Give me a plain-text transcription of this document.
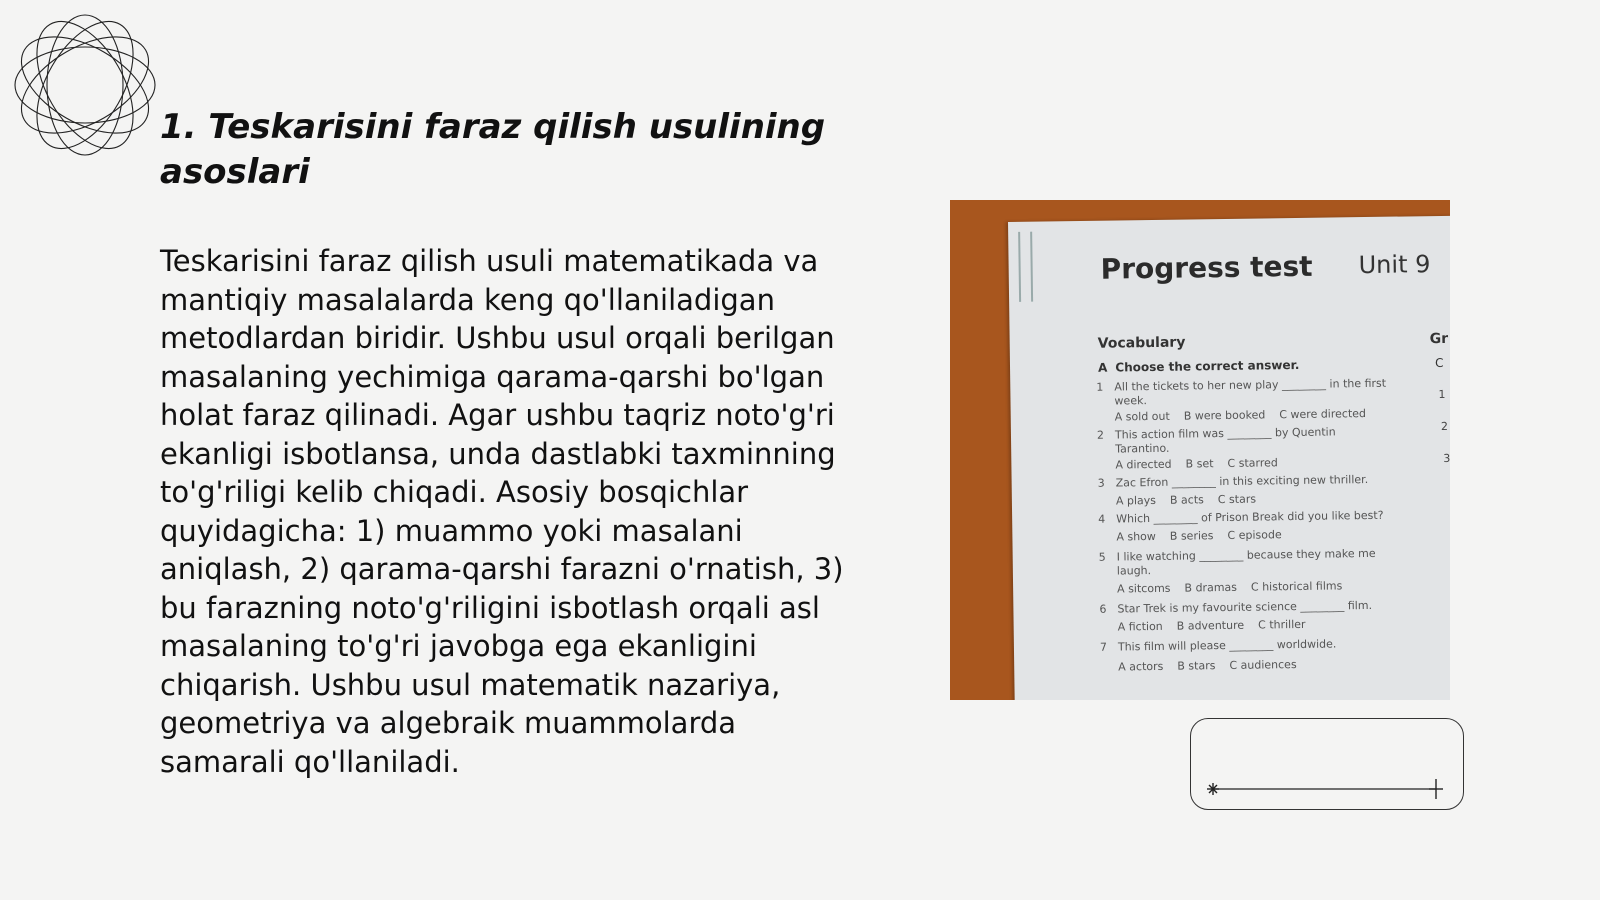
1. Teskarisini faraz qilish usulining asoslari

Teskarisini faraz qilish usuli matematikada va mantiqiy masalalarda keng qo'llaniladigan metodlardan biridir. Ushbu usul orqali berilgan masalaning yechimiga qarama-qarshi bo'lgan holat faraz qilinadi. Agar ushbu taqriz noto'g'ri ekanligi isbotlansa, unda dastlabki taxminning to'g'riligi kelib chiqadi. Asosiy bosqichlar quyidagicha: 1) muammo yoki masalani aniqlash, 2) qarama-qarshi farazni o'rnatish, 3) bu farazning noto'g'riligini isbotlash orqali asl masalaning to'g'ri javobga ega ekanligini chiqarish. Ushbu usul matematik nazariya, geometriya va algebraik muammolarda samarali qo'llaniladi.

Progress test Unit 9
Vocabulary	Gr
A Choose the correct answer.	C
1
2
3
1 All the tickets to her new play ________ in the first
week.
A sold out B were booked C were directed
2 This action film was ________ by Quentin
Tarantino.
A directed B set C starred
3 Zac Efron ________ in this exciting new thriller.
A plays B acts C stars
4 Which ________ of Prison Break did you like best?
A show B series C episode
5 I like watching ________ because they make me
laugh.
A sitcoms B dramas C historical films
6 Star Trek is my favourite science ________ film.
A fiction B adventure C thriller
7 This film will please ________ worldwide.
A actors B stars C audiences
